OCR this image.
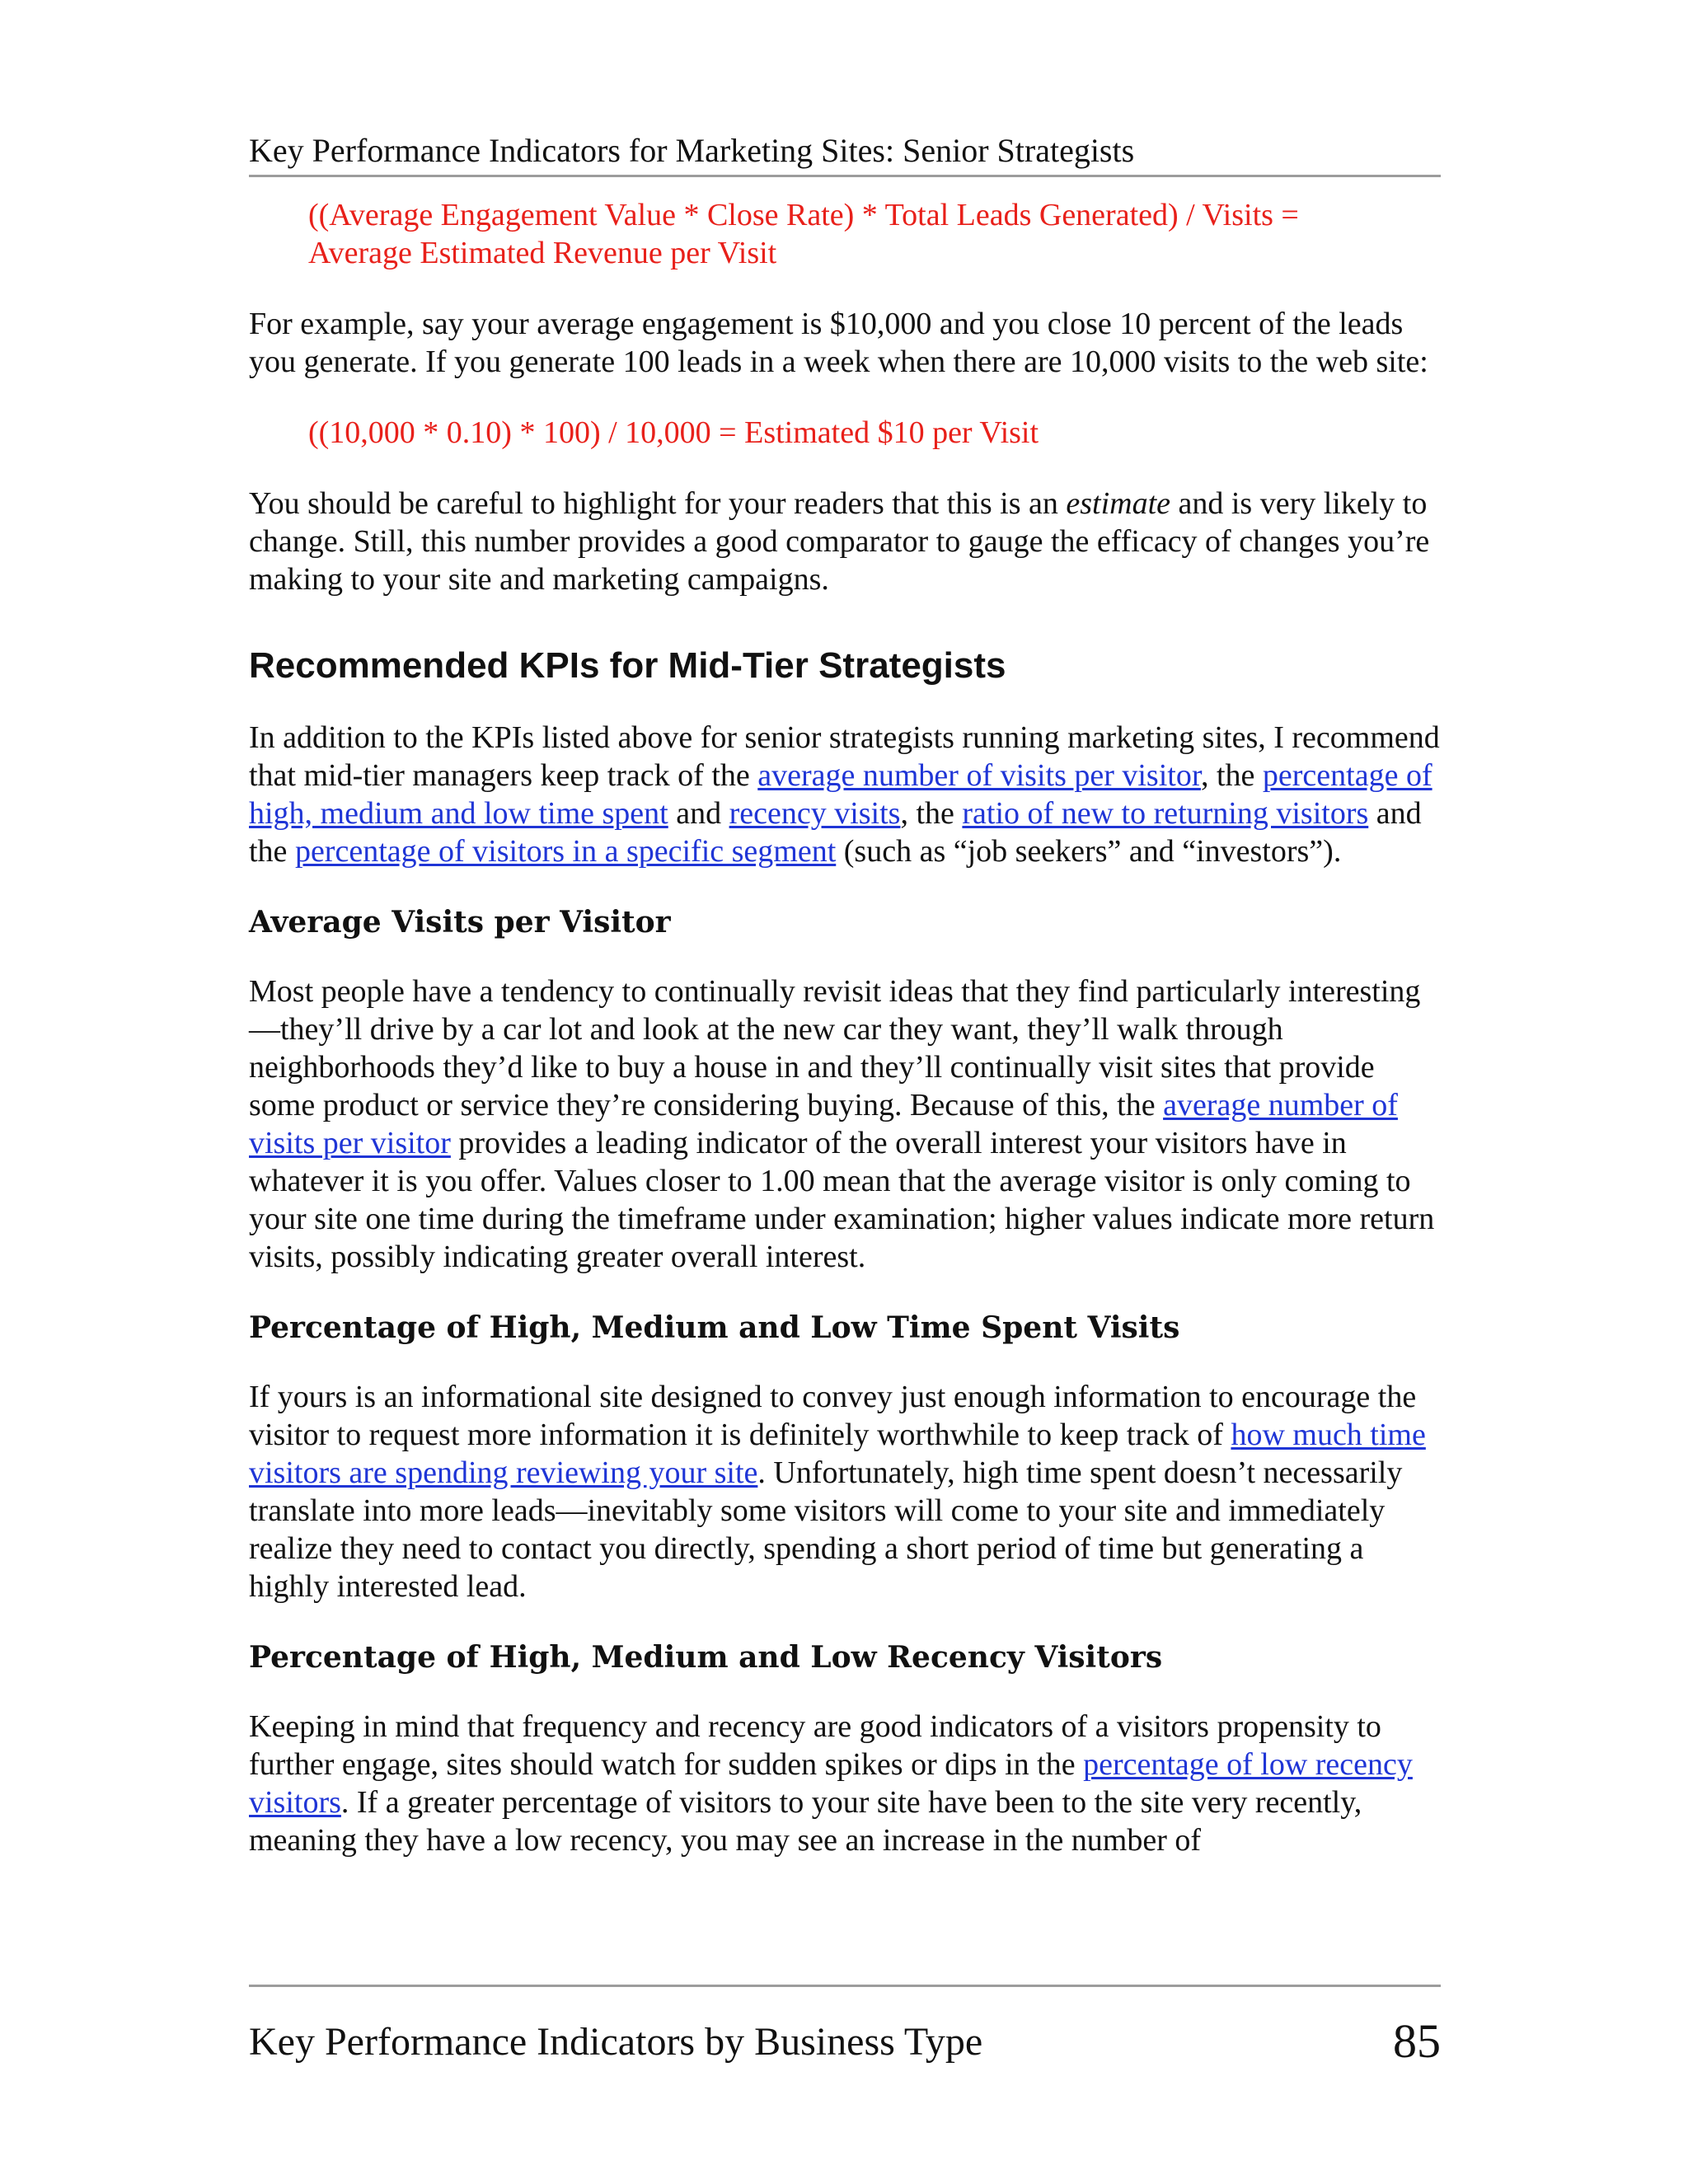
Key Performance Indicators for Marketing Sites: Senior Strategists
((Average Engagement Value * Close Rate) * Total Leads Generated) / Visits =
Average Estimated Revenue per Visit

For example, say your average engagement is $10,000 and you close 10 percent of the leads you generate. If you generate 100 leads in a week when there are 10,000 visits to the web site:

((10,000 * 0.10) * 100) / 10,000 = Estimated $10 per Visit

You should be careful to highlight for your readers that this is an estimate and is very likely to change. Still, this number provides a good comparator to gauge the efficacy of changes you’re making to your site and marketing campaigns.

Recommended KPIs for Mid-Tier Strategists

In addition to the KPIs listed above for senior strategists running marketing sites, I recommend that mid-tier managers keep track of the average number of visits per visitor, the percentage of high, medium and low time spent and recency visits, the ratio of new to returning visitors and the percentage of visitors in a specific segment (such as “job seekers” and “investors”).

Average Visits per Visitor

Most people have a tendency to continually revisit ideas that they find particularly interesting—they’ll drive by a car lot and look at the new car they want, they’ll walk through neighborhoods they’d like to buy a house in and they’ll continually visit sites that provide some product or service they’re considering buying. Because of this, the average number of visits per visitor provides a leading indicator of the overall interest your visitors have in whatever it is you offer. Values closer to 1.00 mean that the average visitor is only coming to your site one time during the timeframe under examination; higher values indicate more return visits, possibly indicating greater overall interest.

Percentage of High, Medium and Low Time Spent Visits

If yours is an informational site designed to convey just enough information to encourage the visitor to request more information it is definitely worthwhile to keep track of how much time visitors are spending reviewing your site. Unfortunately, high time spent doesn’t necessarily translate into more leads—inevitably some visitors will come to your site and immediately realize they need to contact you directly, spending a short period of time but generating a highly interested lead.

Percentage of High, Medium and Low Recency Visitors

Keeping in mind that frequency and recency are good indicators of a visitors propensity to further engage, sites should watch for sudden spikes or dips in the percentage of low recency visitors. If a greater percentage of visitors to your site have been to the site very recently, meaning they have a low recency, you may see an increase in the number of

Key Performance Indicators by Business Type	85
